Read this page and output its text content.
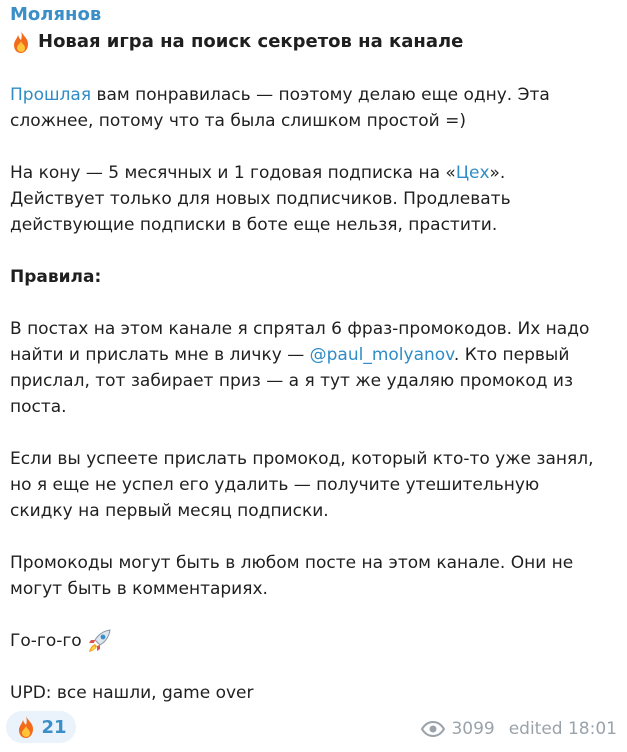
Молянов
Новая игра на поиск секретов на канале

Прошлая вам понравилась — поэтому делаю еще одну. Эта

сложнее, потому что та была слишком простой =)

На кону — 5 месячных и 1 годовая подписка на «Цех».

Действует только для новых подписчиков. Продлевать

действующие подписки в боте еще нельзя, прастити.

Правила:

В постах на этом канале я спрятал 6 фраз-промокодов. Их надо

найти и прислать мне в личку — @paul_molyanov. Кто первый

прислал, тот забирает приз — а я тут же удаляю промокод из

поста.

Если вы успеете прислать промокод, который кто-то уже занял,

но я еще не успел его удалить — получите утешительную

скидку на первый месяц подписки.

Промокоды могут быть в любом посте на этом канале. Они не

могут быть в комментариях.

Го-го-го

UPD: все нашли, game over

21	3099 edited 18:01
